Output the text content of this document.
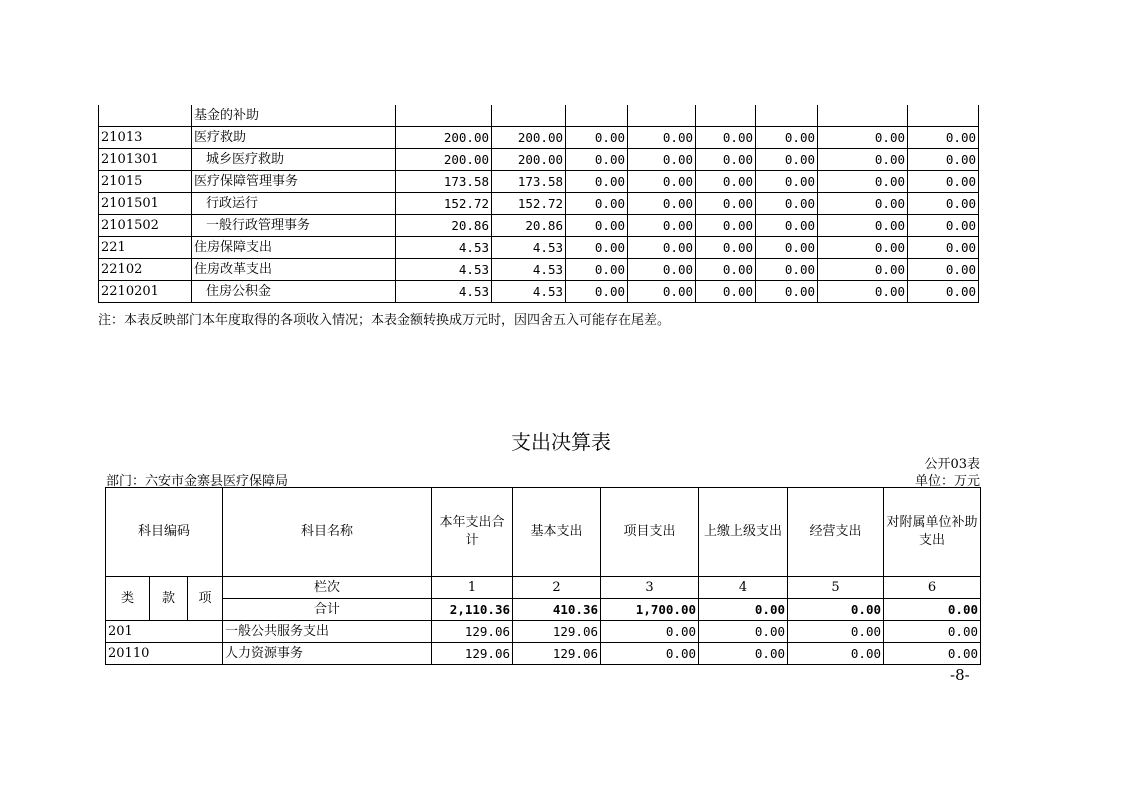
	基金的补助								
21013	医疗救助	200.00	200.00	0.00	0.00	0.00	0.00	0.00	0.00
2101301	城乡医疗救助	200.00	200.00	0.00	0.00	0.00	0.00	0.00	0.00
21015	医疗保障管理事务	173.58	173.58	0.00	0.00	0.00	0.00	0.00	0.00
2101501	行政运行	152.72	152.72	0.00	0.00	0.00	0.00	0.00	0.00
2101502	一般行政管理事务	20.86	20.86	0.00	0.00	0.00	0.00	0.00	0.00
221	住房保障支出	4.53	4.53	0.00	0.00	0.00	0.00	0.00	0.00
22102	住房改革支出	4.53	4.53	0.00	0.00	0.00	0.00	0.00	0.00
2210201	住房公积金	4.53	4.53	0.00	0.00	0.00	0.00	0.00	0.00
注：本表反映部门本年度取得的各项收入情况；本表金额转换成万元时，因四舍五入可能存在尾差。
支出决算表
公开03表
部门：六安市金寨县医疗保障局	单位：万元
科目编码			科目名称	本年支出合计	基本支出	项目支出	上缴上级支出	经营支出	对附属单位补助支出
类	款	项	栏次	1	2	3	4	5	6
			合计	2,110.36	410.36	1,700.00	0.00	0.00	0.00
201			一般公共服务支出	129.06	129.06	0.00	0.00	0.00	0.00
20110			人力资源事务	129.06	129.06	0.00	0.00	0.00	0.00
-8-
